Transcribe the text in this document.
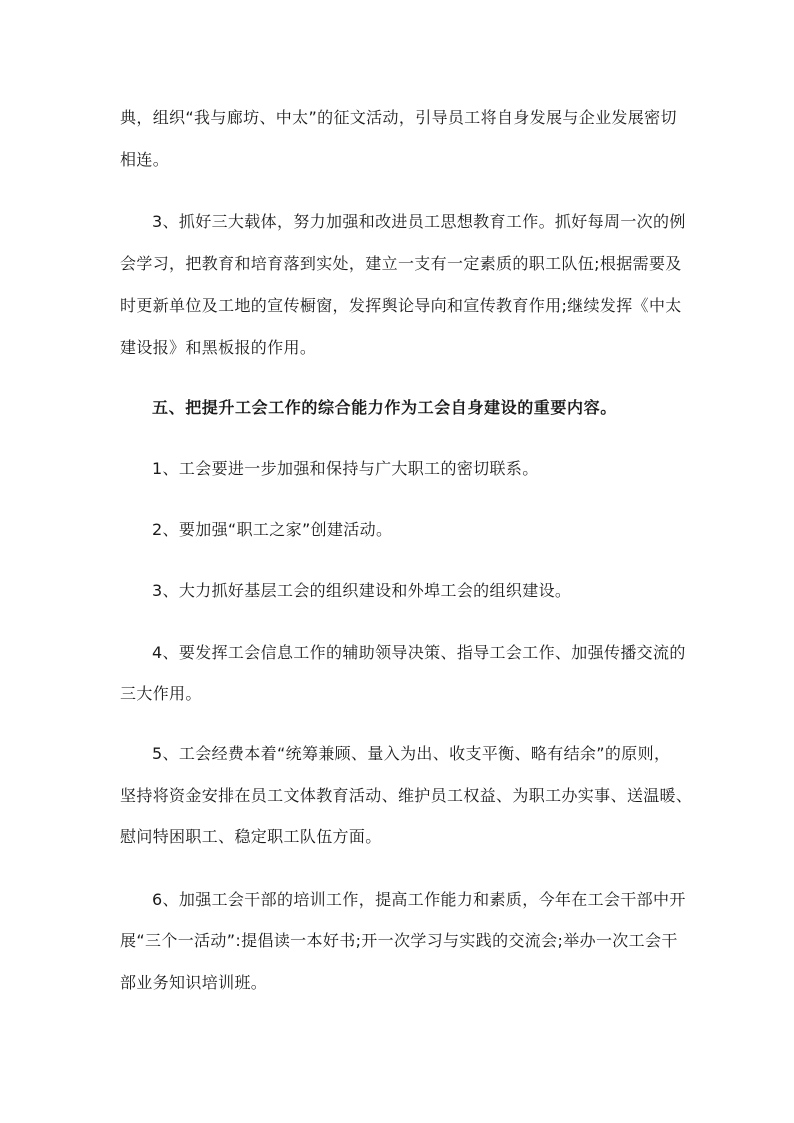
典，组织“我与廊坊、中太”的征文活动，引导员工将自身发展与企业发展密切
相连。
3、抓好三大载体，努力加强和改进员工思想教育工作。抓好每周一次的例
会学习，把教育和培育落到实处，建立一支有一定素质的职工队伍;根据需要及
时更新单位及工地的宣传橱窗，发挥舆论导向和宣传教育作用;继续发挥《中太
建设报》和黑板报的作用。
五、把提升工会工作的综合能力作为工会自身建设的重要内容。
1、工会要进一步加强和保持与广大职工的密切联系。
2、要加强“职工之家”创建活动。
3、大力抓好基层工会的组织建设和外埠工会的组织建设。
4、要发挥工会信息工作的辅助领导决策、指导工会工作、加强传播交流的
三大作用。
5、工会经费本着“统筹兼顾、量入为出、收支平衡、略有结余”的原则，
坚持将资金安排在员工文体教育活动、维护员工权益、为职工办实事、送温暖、
慰问特困职工、稳定职工队伍方面。
6、加强工会干部的培训工作，提高工作能力和素质，今年在工会干部中开
展“三个一活动”:提倡读一本好书;开一次学习与实践的交流会;举办一次工会干
部业务知识培训班。
